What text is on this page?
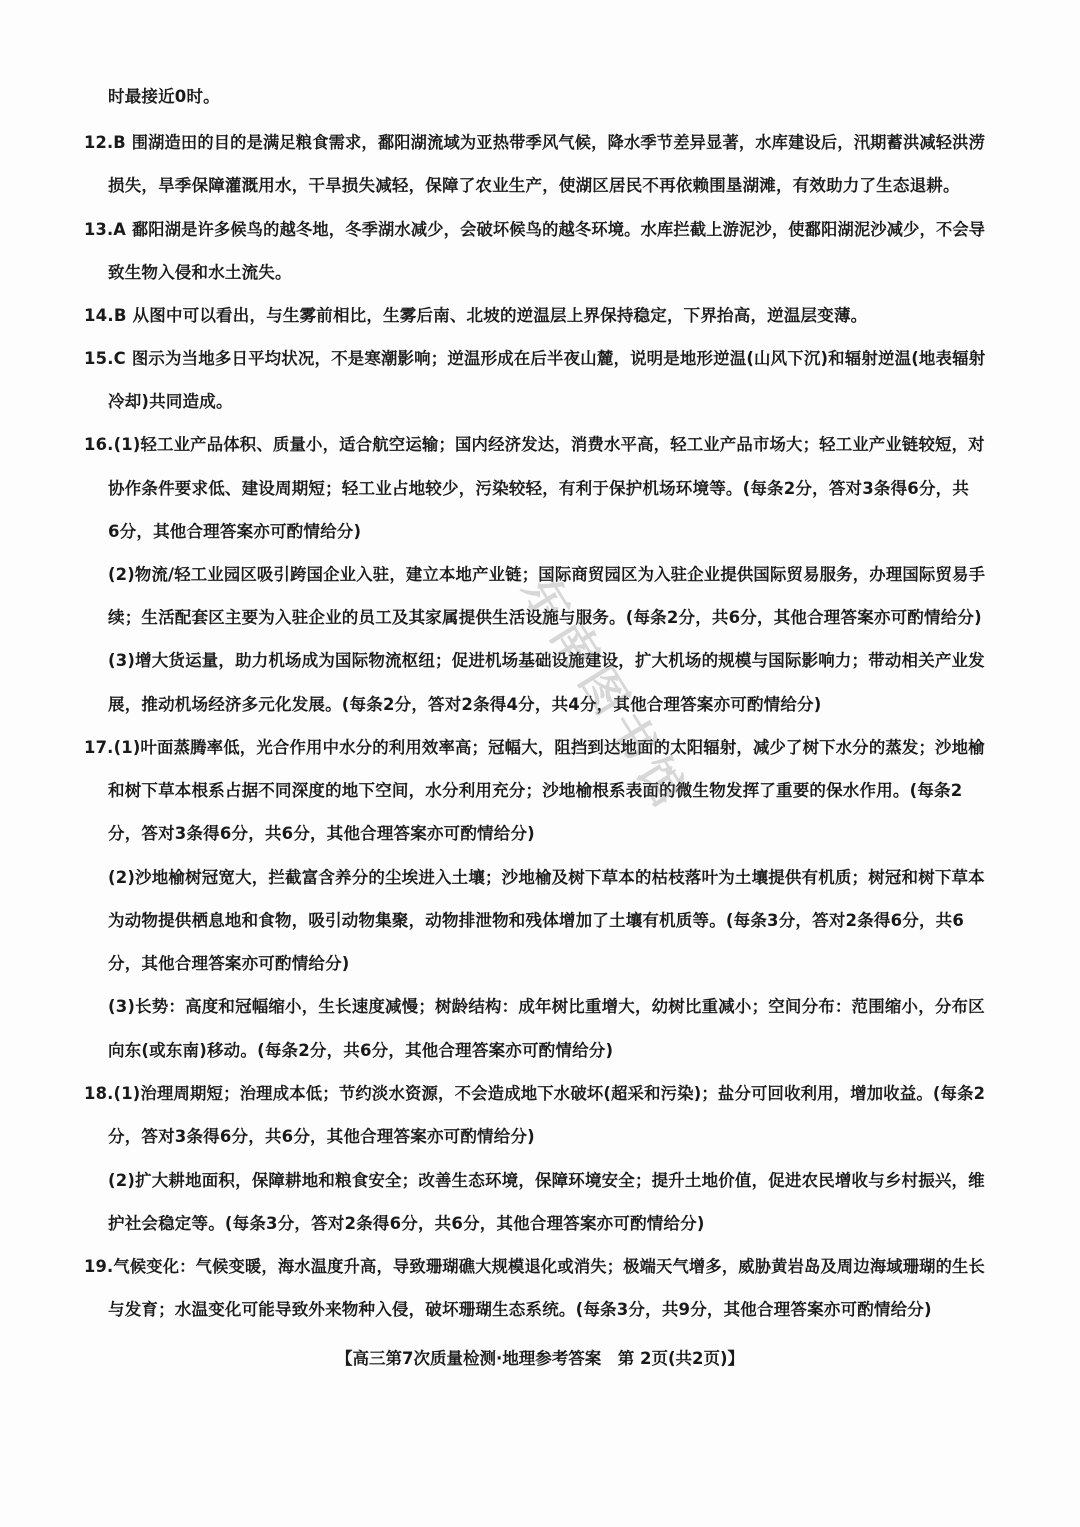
时最接近0时。
12.B 围湖造田的目的是满足粮食需求，鄱阳湖流域为亚热带季风气候，降水季节差异显著，水库建设后，汛期蓄洪减轻洪涝
损失，旱季保障灌溉用水，干旱损失减轻，保障了农业生产，使湖区居民不再依赖围垦湖滩，有效助力了生态退耕。
13.A 鄱阳湖是许多候鸟的越冬地，冬季湖水减少，会破坏候鸟的越冬环境。水库拦截上游泥沙，使鄱阳湖泥沙减少，不会导
致生物入侵和水土流失。
14.B 从图中可以看出，与生雾前相比，生雾后南、北坡的逆温层上界保持稳定，下界抬高，逆温层变薄。
15.C 图示为当地多日平均状况，不是寒潮影响；逆温形成在后半夜山麓，说明是地形逆温(山风下沉)和辐射逆温(地表辐射
冷却)共同造成。
16.(1)轻工业产品体积、质量小，适合航空运输；国内经济发达，消费水平高，轻工业产品市场大；轻工业产业链较短，对
协作条件要求低、建设周期短；轻工业占地较少，污染较轻，有利于保护机场环境等。(每条2分，答对3条得6分，共
6分，其他合理答案亦可酌情给分)
(2)物流/轻工业园区吸引跨国企业入驻，建立本地产业链；国际商贸园区为入驻企业提供国际贸易服务，办理国际贸易手
续；生活配套区主要为入驻企业的员工及其家属提供生活设施与服务。(每条2分，共6分，其他合理答案亦可酌情给分)
(3)增大货运量，助力机场成为国际物流枢纽；促进机场基础设施建设，扩大机场的规模与国际影响力；带动相关产业发
展，推动机场经济多元化发展。(每条2分，答对2条得4分，共4分，其他合理答案亦可酌情给分)
17.(1)叶面蒸腾率低，光合作用中水分的利用效率高；冠幅大，阻挡到达地面的太阳辐射，减少了树下水分的蒸发；沙地榆
和树下草本根系占据不同深度的地下空间，水分利用充分；沙地榆根系表面的微生物发挥了重要的保水作用。(每条2
分，答对3条得6分，共6分，其他合理答案亦可酌情给分)
(2)沙地榆树冠宽大，拦截富含养分的尘埃进入土壤；沙地榆及树下草本的枯枝落叶为土壤提供有机质；树冠和树下草本
为动物提供栖息地和食物，吸引动物集聚，动物排泄物和残体增加了土壤有机质等。(每条3分，答对2条得6分，共6
分，其他合理答案亦可酌情给分)
(3)长势：高度和冠幅缩小，生长速度减慢；树龄结构：成年树比重增大，幼树比重减小；空间分布：范围缩小，分布区
向东(或东南)移动。(每条2分，共6分，其他合理答案亦可酌情给分)
18.(1)治理周期短；治理成本低；节约淡水资源，不会造成地下水破坏(超采和污染)；盐分可回收利用，增加收益。(每条2
分，答对3条得6分，共6分，其他合理答案亦可酌情给分)
(2)扩大耕地面积，保障耕地和粮食安全；改善生态环境，保障环境安全；提升土地价值，促进农民增收与乡村振兴，维
护社会稳定等。(每条3分，答对2条得6分，共6分，其他合理答案亦可酌情给分)
19.气候变化：气候变暖，海水温度升高，导致珊瑚礁大规模退化或消失；极端天气增多，威胁黄岩岛及周边海域珊瑚的生长
与发育；水温变化可能导致外来物种入侵，破坏珊瑚生态系统。(每条3分，共9分，其他合理答案亦可酌情给分)
【高三第7次质量检测·地理参考答案　第 2页(共2页)】
东南图书馆
